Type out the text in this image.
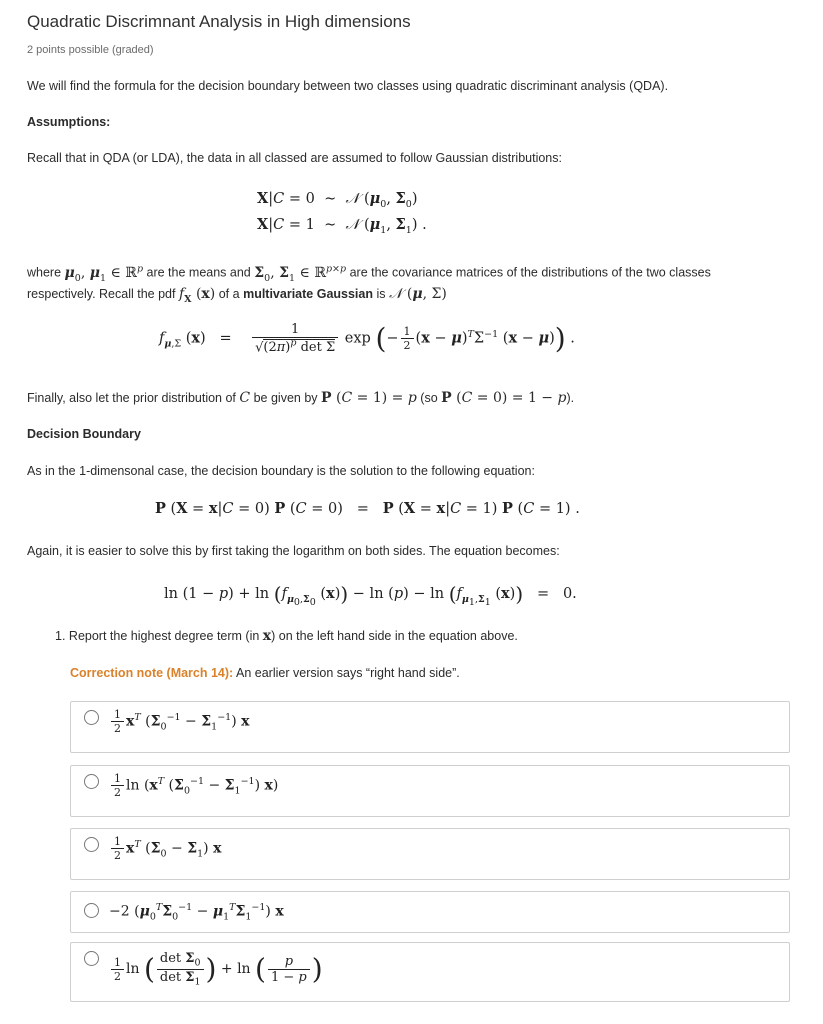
Quadratic Discrimnant Analysis in High dimensions
2 points possible (graded)
We will find the formula for the decision boundary between two classes using quadratic discriminant analysis (QDA).
Assumptions:
Recall that in QDA (or LDA), the data in all classed are assumed to follow Gaussian distributions:
X|C = 0  ∼  𝒩 ($\mu_0$, $\Sigma_0$)
X|C = 1  ∼  𝒩 ($\mu_1$, $\Sigma_1$) .
where $\mu_0$, $\mu_1$ ∈ ℝ$^p$ are the means and $\Sigma_0$, $\Sigma_1$ ∈ ℝ$^{p\times p}$ are the covariance matrices of the distributions of the two classes
respectively. Recall the pdf $f_X$ (x) of a multivariate Gaussian is 𝒩 (μ, Σ)
$f_{\mu,\Sigma}$ $(x) = \frac{1}{√(2\pi)^p \det \Sigma}$ exp (− $\frac{1}{2} (x - \mu)^T\Sigma^{-1}$ (x − μ)) .
Finally, also let the prior distribution of C be given by P (C = 1) = p (so P (C = 0) = 1 − p).
Decision Boundary
As in the 1-dimensonal case, the decision boundary is the solution to the following equation:
P (X = x|C = 0) P (C = 0)   =   P (X = x|C = 1) P (C = 1) .
Again, it is easier to solve this by first taking the logarithm on both sides. The equation becomes:
$\ln (1 - p) + \ln (f_{\mu_0,\Sigma_0}$ $(x)) - \ln (p) - \ln (f_{\mu_1,\Sigma_1}$ (x))   =   0.
1. Report the highest degree term (in x) on the left hand side in the equation above.
Correction note (March 14): An earlier version says “right hand side”.
$\frac{1}{2} x^T$ $(\Sigma_0^{-1} - \Sigma_1^{-1})$ x
$\frac{1}{2}$ $\ln (x^T$ $(\Sigma_0^{-1} - \Sigma_1^{-1})$ x)
$\frac{1}{2} x^T$ $(\Sigma_0 - \Sigma_1)$ x
−2 $(\mu_0^T\Sigma_0^{-1} - \mu_1^T\Sigma_1^{-1})$ x
$\frac{1}{2}$ ln ( $\frac{\det \Sigma_0}{\det \Sigma_1}$ ) + ln ( $\frac{p}{1 - p}$ )
